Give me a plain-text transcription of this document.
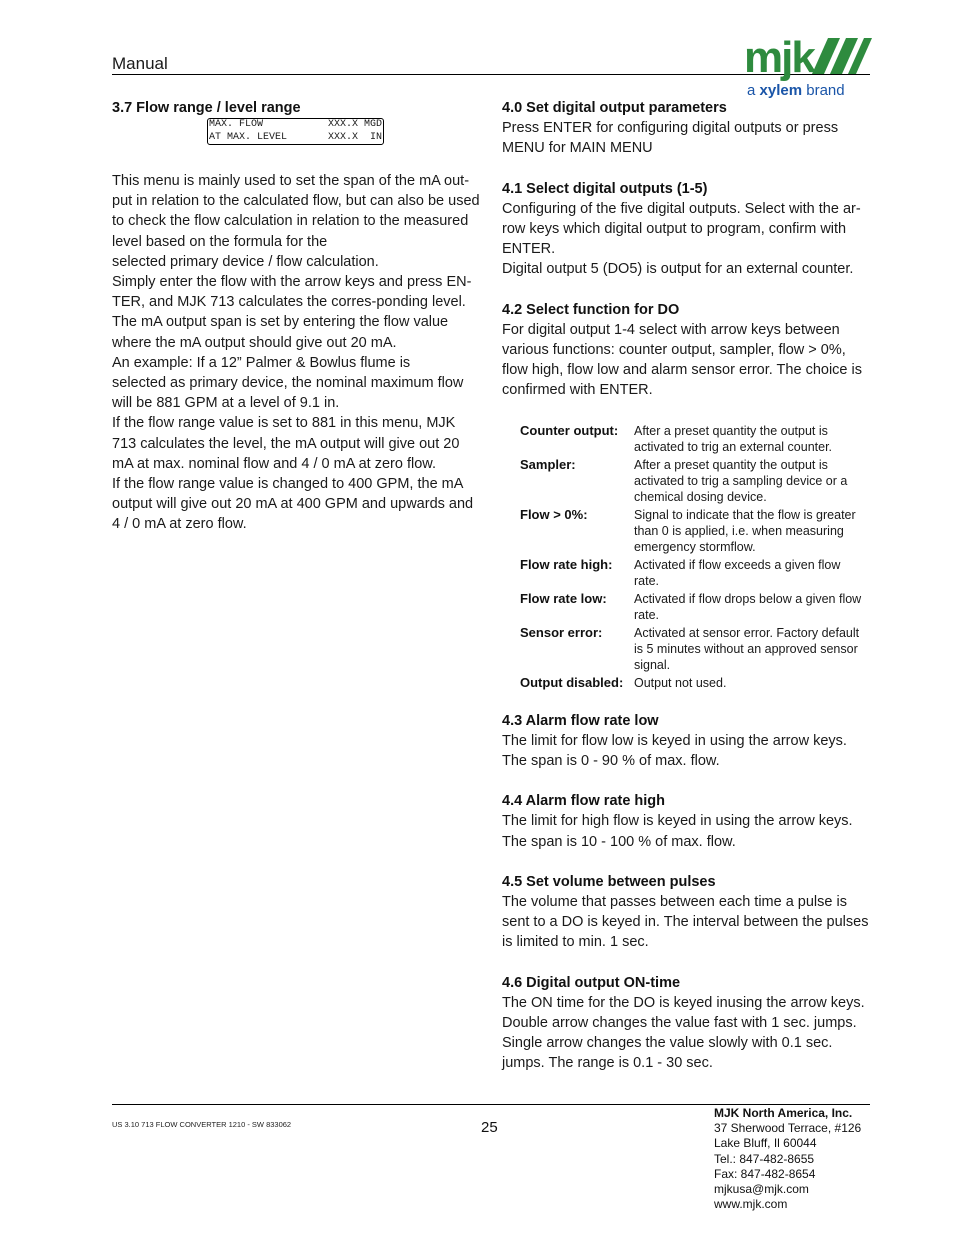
Manual	mjk
a xylem brand
3.7 Flow range / level range
MAX. FLOW	XXX.X MGD
AT MAX. LEVEL	XXX.X  IN
This menu is mainly used to set the span of the mA out-
put in relation to the calculated flow, but can also be used
to check the flow calculation in relation to the measured
level based on the formula for the
selected primary device / flow calculation.
Simply enter the flow with the arrow keys and press EN-
TER, and MJK 713 calculates the corres-ponding level.
The mA output span is set by entering the flow value
where the mA output should give out 20 mA.
An example: If a 12” Palmer & Bowlus flume is
selected as primary device, the nominal maximum flow
will be 881 GPM at a level of 9.1 in.
If the flow range value is set to 881 in this menu, MJK
713 calculates the level, the mA output will give out 20
mA at max. nominal flow and 4 / 0 mA at zero flow.
If the flow range value is changed to 400 GPM, the mA
output will give out 20 mA at 400 GPM and upwards and
4 / 0 mA at zero flow.
4.0 Set digital output parameters
Press ENTER for configuring digital outputs or press
MENU for MAIN MENU
4.1 Select digital outputs (1-5)
Configuring of the five digital outputs. Select with the ar-
row keys which digital output to program, confirm with
ENTER.
Digital output 5 (DO5) is output for an external counter.
4.2 Select function for DO
For digital output 1-4 select with arrow keys between
various functions: counter output, sampler, flow > 0%,
flow high, flow low and alarm sensor error. The choice is
confirmed with ENTER.
Counter output:	After a preset quantity the output is
activated to trig an external counter.
Sampler:	After a preset quantity the output is
activated to trig a sampling device or a
chemical dosing device.
Flow > 0%:	Signal to indicate that the flow is greater
than 0 is applied, i.e. when measuring
emergency stormflow.
Flow rate high:	Activated if flow exceeds a given flow
rate.
Flow rate low:	Activated if flow drops below a given flow
rate.
Sensor error:	Activated at sensor error. Factory default
is 5 minutes without an approved sensor
signal.
Output disabled: Output not used.
4.3 Alarm flow rate low
The limit for flow low is keyed in using the arrow keys.
The span is 0 - 90 % of max. flow.
4.4 Alarm flow rate high
The limit for high flow is keyed in using the arrow keys.
The span is 10 - 100 % of max. flow.
4.5 Set volume between pulses
The volume that passes between each time a pulse is
sent to a DO is keyed in. The interval between the pulses
is limited to min. 1 sec.
4.6 Digital output ON-time
The ON time for the DO is keyed inusing the arrow keys.
Double arrow changes the value fast with 1 sec. jumps.
Single arrow changes the value slowly with 0.1 sec.
jumps. The range is 0.1 - 30 sec.
US 3.10 713 FLOW CONVERTER 1210 - SW 833062	25
MJK North America, Inc.
37 Sherwood Terrace, #126
Lake Bluff, Il 60044
Tel.: 847-482-8655
Fax: 847-482-8654
mjkusa@mjk.com
www.mjk.com
